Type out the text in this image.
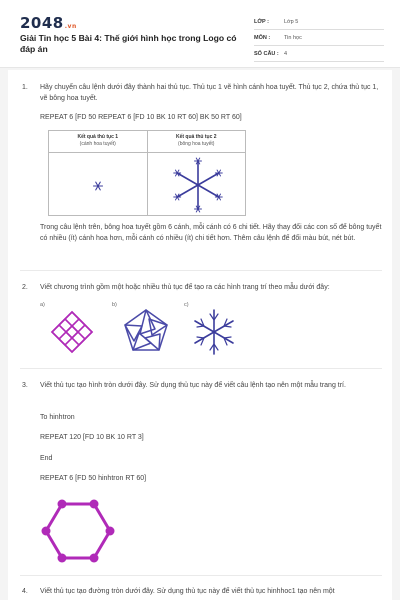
2048.vn
Giải Tin học 5 Bài 4: Thế giới hình học trong Logo có đáp án
LỚP :	Lớp 5
MÔN :	Tin học
SỐ CÂU : 4
1. Hãy chuyển câu lệnh dưới đây thành hai thủ tục. Thủ tục 1 vẽ hình cánh hoa tuyết. Thủ tục 2, chứa thủ tục 1, vẽ bông hoa tuyết.
REPEAT 6 [FD 50 REPEAT 6 [FD 10 BK 10 RT 60] BK 50 RT 60]
Kết quả thủ tục 1
(cánh hoa tuyết)
Kết quả thủ tục 2
(bông hoa tuyết)
Trong câu lệnh trên, bông hoa tuyết gồm 6 cánh, mỗi cánh có 6 chi tiết. Hãy thay đổi các con số để bông tuyết có nhiều (ít) cánh hoa hơn, mỗi cánh có nhiều (ít) chi tiết hơn. Thêm câu lệnh để đổi màu bút, nét bút.
2. Viết chương trình gồm một hoặc nhiều thủ tục để tạo ra các hình trang trí theo mẫu dưới đây:
a)	b)	c)
3. Viết thủ tục tạo hình tròn dưới đây. Sử dụng thủ tục này để viết câu lệnh tạo nên một mẫu trang trí.
To hinhtron
REPEAT 120 [FD 10 BK 10 RT 3]
End
REPEAT 6 [FD 50 hinhtron RT 60]
4. Viết thủ tục tạo đường tròn dưới đây. Sử dụng thủ tục này để viết thủ tục hinhhoc1 tạo nên một
